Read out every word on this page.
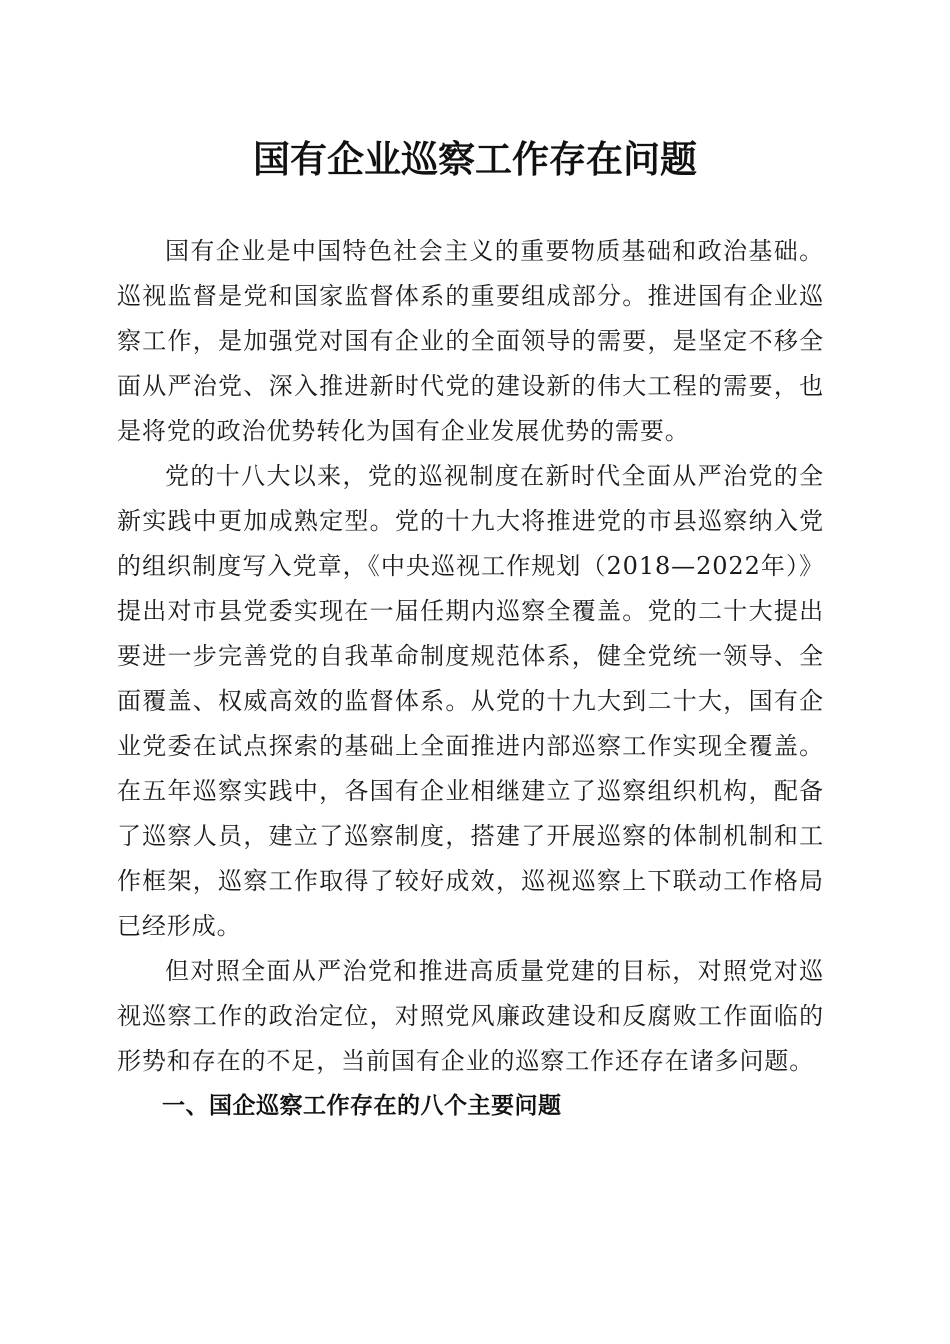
国有企业巡察工作存在问题

国有企业是中国特色社会主义的重要物质基础和政治基础。巡视监督是党和国家监督体系的重要组成部分。推进国有企业巡察工作，是加强党对国有企业的全面领导的需要，是坚定不移全面从严治党、深入推进新时代党的建设新的伟大工程的需要，也是将党的政治优势转化为国有企业发展优势的需要。

党的十八大以来，党的巡视制度在新时代全面从严治党的全新实践中更加成熟定型。党的十九大将推进党的市县巡察纳入党的组织制度写入党章，《中央巡视工作规划（2018—2022年）》提出对市县党委实现在一届任期内巡察全覆盖。党的二十大提出要进一步完善党的自我革命制度规范体系，健全党统一领导、全面覆盖、权威高效的监督体系。从党的十九大到二十大，国有企业党委在试点探索的基础上全面推进内部巡察工作实现全覆盖。在五年巡察实践中，各国有企业相继建立了巡察组织机构，配备了巡察人员，建立了巡察制度，搭建了开展巡察的体制机制和工作框架，巡察工作取得了较好成效，巡视巡察上下联动工作格局已经形成。

但对照全面从严治党和推进高质量党建的目标，对照党对巡视巡察工作的政治定位，对照党风廉政建设和反腐败工作面临的形势和存在的不足，当前国有企业的巡察工作还存在诸多问题。

一、国企巡察工作存在的八个主要问题
